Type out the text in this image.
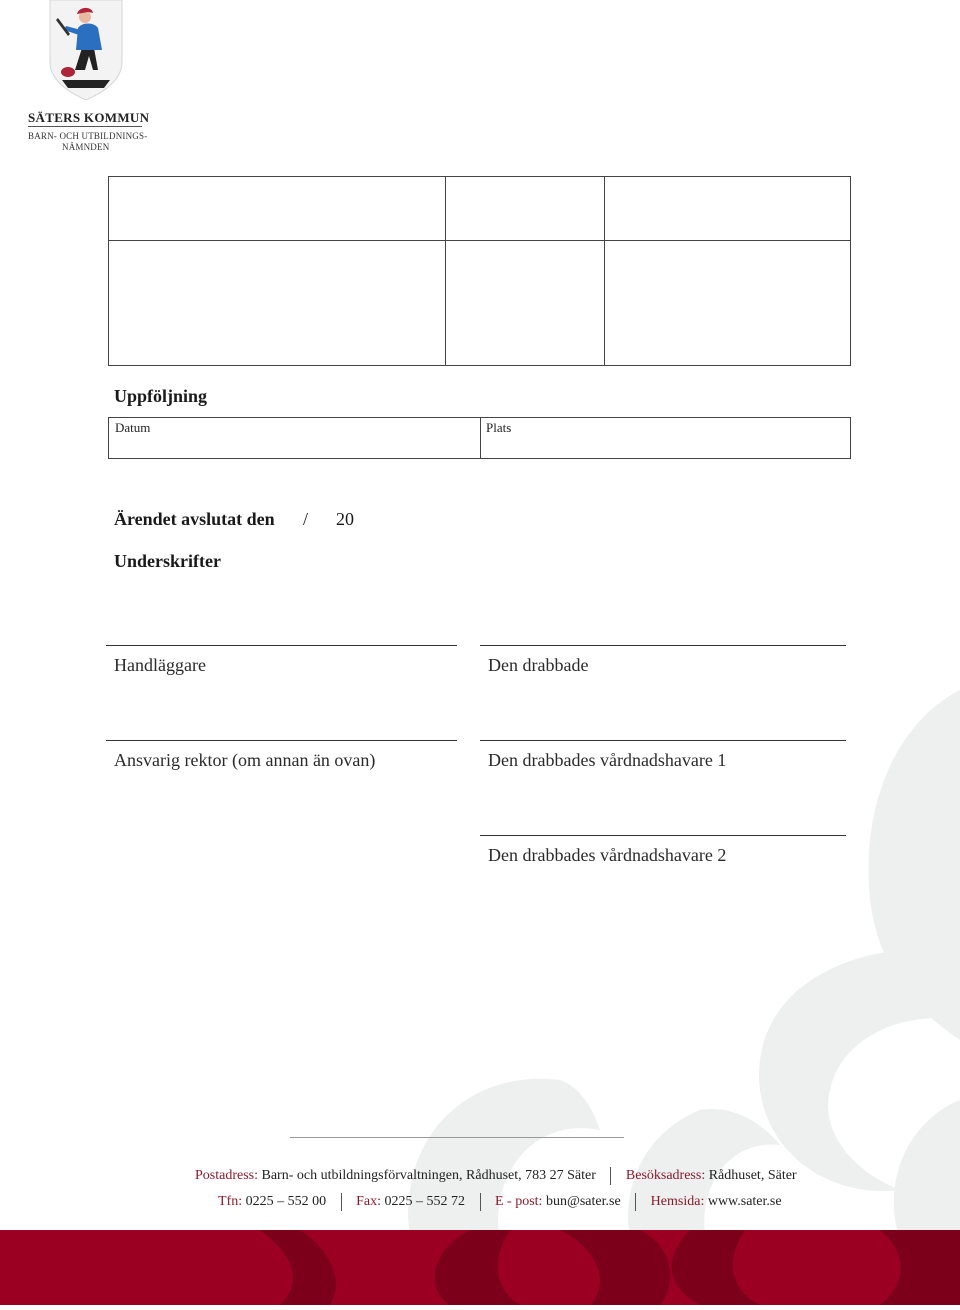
SÄTERS KOMMUN
BARN- OCH UTBILDNINGS-
NÄMNDEN
Uppföljning
Datum	Plats
Ärendet avslutat den / 20
Underskrifter
Handläggare	Den drabbade
Ansvarig rektor (om annan än ovan)	Den drabbades vårdnadshavare 1
Den drabbades vårdnadshavare 2
Postadress: Barn- och utbildningsförvaltningen, Rådhuset, 783 27 Säter Besöksadress: Rådhuset, Säter
Tfn: 0225 – 552 00 Fax: 0225 – 552 72 E - post: bun@sater.se Hemsida: www.sater.se
